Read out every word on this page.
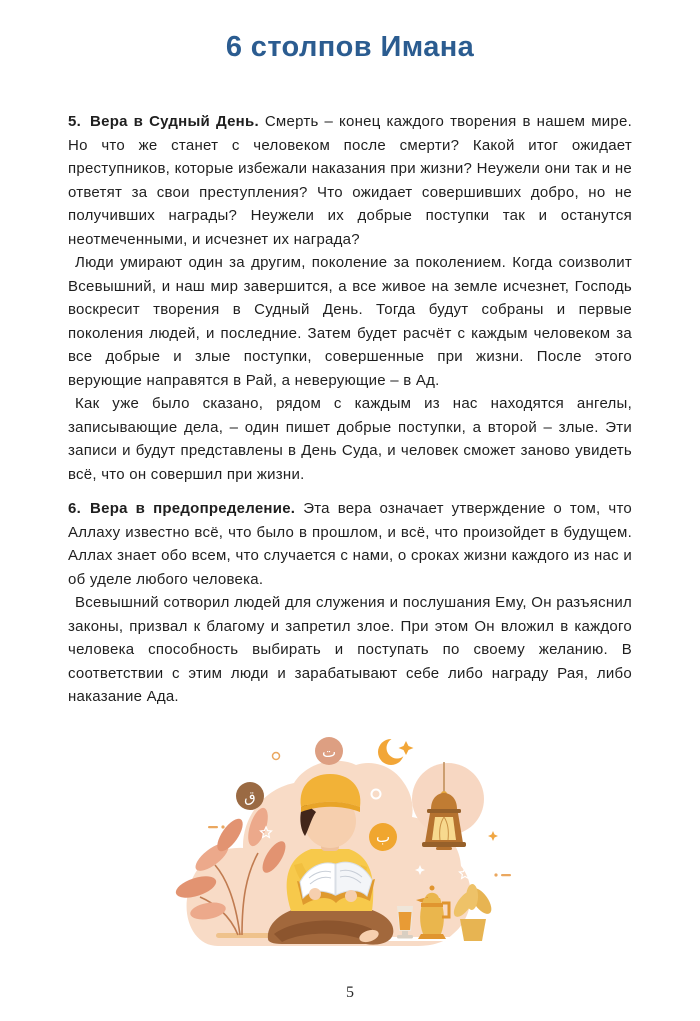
6 столпов Имана

5. Вера в Судный День. Смерть – конец каждого творения в нашем мире. Но что же станет с человеком после смерти? Какой итог ожидает преступников, которые избежали наказания при жизни? Неужели они так и не ответят за свои преступления? Что ожидает совершивших добро, но не получивших награды? Неужели их добрые поступки так и останутся неотмеченными, и исчезнет их награда?

Люди умирают один за другим, поколение за поколением. Когда соизволит Всевышний, и наш мир завершится, а все живое на земле исчезнет, Господь воскресит творения в Судный День. Тогда будут собраны и первые поколения людей, и последние. Затем будет расчёт с каждым человеком за все добрые и злые поступки, совершенные при жизни. После этого верующие направятся в Рай, а неверующие – в Ад.

Как уже было сказано, рядом с каждым из нас находятся ангелы, записывающие дела, – один пишет добрые поступки, а второй – злые. Эти записи и будут представлены в День Суда, и человек сможет заново увидеть всё, что он совершил при жизни.

6. Вера в предопределение. Эта вера означает утверждение о том, что Аллаху известно всё, что было в прошлом, и всё, что произойдет в будущем. Аллах знает обо всем, что случается с нами, о сроках жизни каждого из нас и об уделе любого человека.

Всевышний сотворил людей для служения и послушания Ему, Он разъяснил законы, призвал к благому и запретил злое. При этом Он вложил в каждого человека способность выбирать и поступать по своему желанию. В соответствии с этим люди и зарабатывают себе либо награду Рая, либо наказание Ада.

ت
ق
ب
5
